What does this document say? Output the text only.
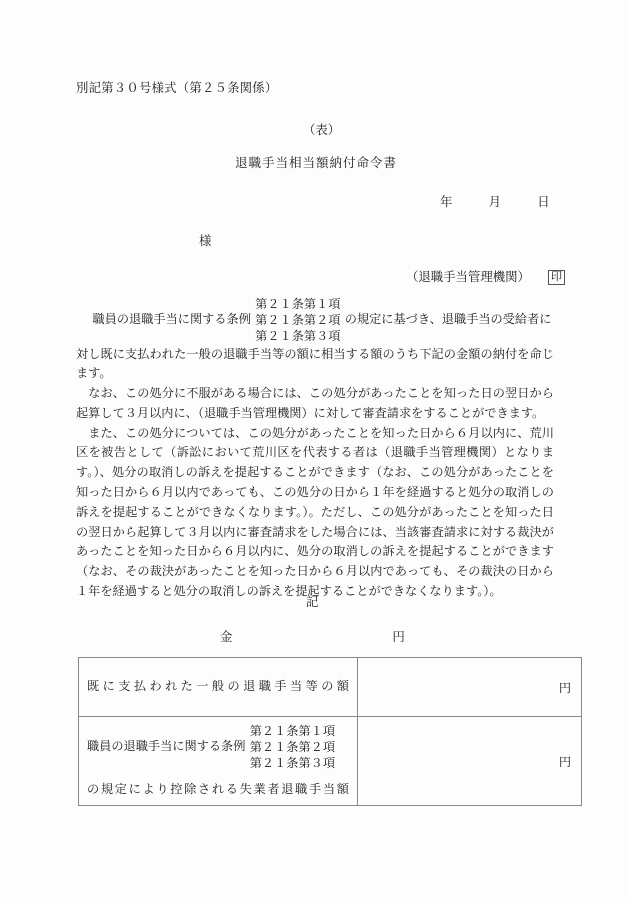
別記第３０号様式（第２５条関係）
（表）
退職手当相当額納付命令書
年	月	日
様
（退職手当管理機関） 印
職員の退職手当に関する条例
第２１条第１項
第２１条第２項
第２１条第３項
の規定に基づき、退職手当の受給者に
対し既に支払われた一般の退職手当等の額に相当する額のうち下記の金額の納付を命じます。
なお、この処分に不服がある場合には、この処分があったことを知った日の翌日から起算して３月以内に、（退職手当管理機関）に対して審査請求をすることができます。
また、この処分については、この処分があったことを知った日から６月以内に、荒川区を被告として（訴訟において荒川区を代表する者は（退職手当管理機関）となります。）、処分の取消しの訴えを提起することができます（なお、この処分があったことを知った日から６月以内であっても、この処分の日から１年を経過すると処分の取消しの訴えを提起することができなくなります。）。ただし、この処分があったことを知った日の翌日から起算して３月以内に審査請求をした場合には、当該審査請求に対する裁決があったことを知った日から６月以内に、処分の取消しの訴えを提起することができます（なお、その裁決があったことを知った日から６月以内であっても、その裁決の日から１年を経過すると処分の取消しの訴えを提起することができなくなります。）。
記
金	円
既に支払われた一般の退職手当等の額	円

職員の退職手当に関する条例
第２１条第１項
第２１条第２項
第２１条第３項
の規定により控除される失業者退職手当額	円
